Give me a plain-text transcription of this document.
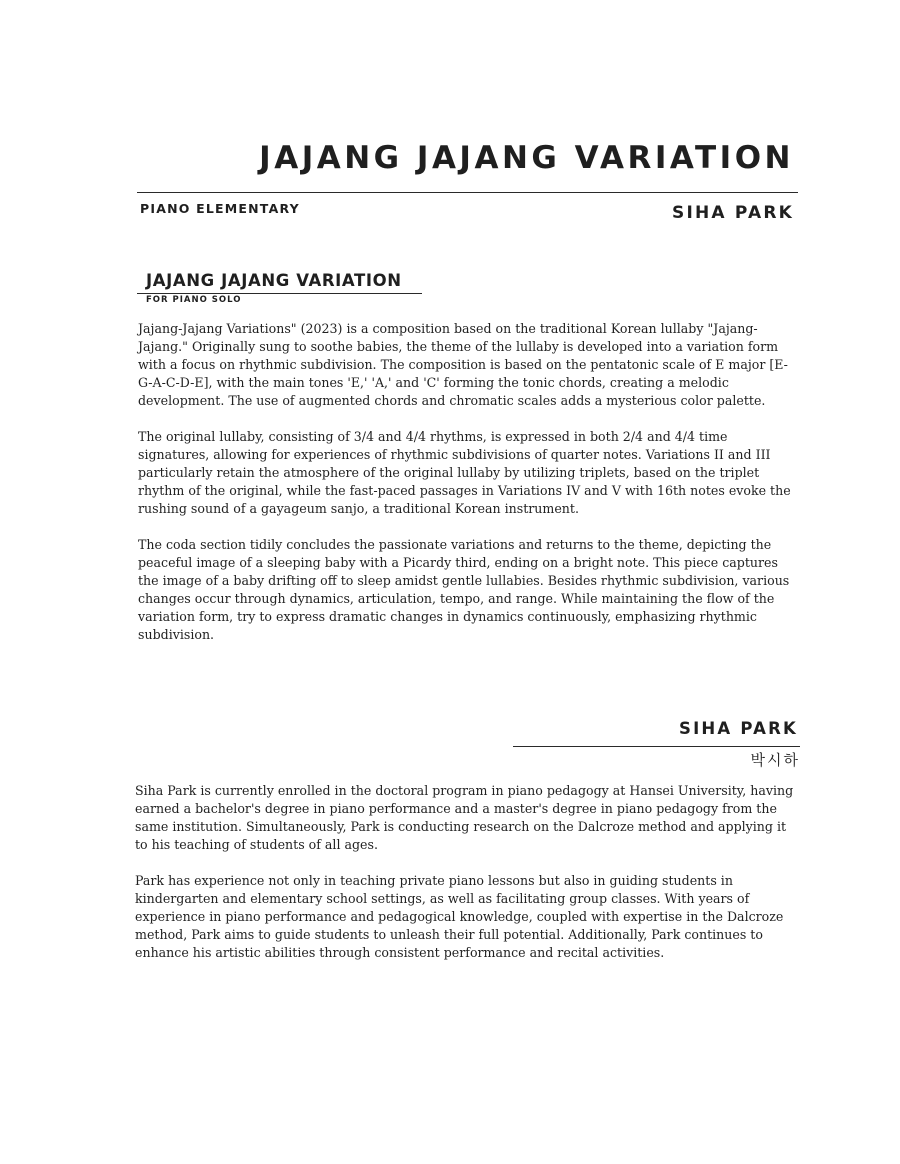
JAJANG JAJANG VARIATION
PIANO ELEMENTARY	SIHA PARK
JAJANG JAJANG VARIATION
FOR PIANO SOLO

Jajang-Jajang Variations" (2023) is a composition based on the traditional Korean lullaby "Jajang-Jajang." Originally sung to soothe babies, the theme of the lullaby is developed into a variation form with a focus on rhythmic subdivision. The composition is based on the pentatonic scale of E major [E-G-A-C-D-E], with the main tones 'E,' 'A,' and 'C' forming the tonic chords, creating a melodic development. The use of augmented chords and chromatic scales adds a mysterious color palette.

The original lullaby, consisting of 3/4 and 4/4 rhythms, is expressed in both 2/4 and 4/4 time signatures, allowing for experiences of rhythmic subdivisions of quarter notes. Variations II and III particularly retain the atmosphere of the original lullaby by utilizing triplets, based on the triplet rhythm of the original, while the fast-paced passages in Variations IV and V with 16th notes evoke the rushing sound of a gayageum sanjo, a traditional Korean instrument.

The coda section tidily concludes the passionate variations and returns to the theme, depicting the peaceful image of a sleeping baby with a Picardy third, ending on a bright note. This piece captures the image of a baby drifting off to sleep amidst gentle lullabies. Besides rhythmic subdivision, various changes occur through dynamics, articulation, tempo, and range. While maintaining the flow of the variation form, try to express dramatic changes in dynamics continuously, emphasizing rhythmic subdivision.

SIHA PARK
박시하

Siha Park is currently enrolled in the doctoral program in piano pedagogy at Hansei University, having earned a bachelor's degree in piano performance and a master's degree in piano pedagogy from the same institution. Simultaneously, Park is conducting research on the Dalcroze method and applying it to his teaching of students of all ages.

Park has experience not only in teaching private piano lessons but also in guiding students in kindergarten and elementary school settings, as well as facilitating group classes. With years of experience in piano performance and pedagogical knowledge, coupled with expertise in the Dalcroze method, Park aims to guide students to unleash their full potential. Additionally, Park continues to enhance his artistic abilities through consistent performance and recital activities.
